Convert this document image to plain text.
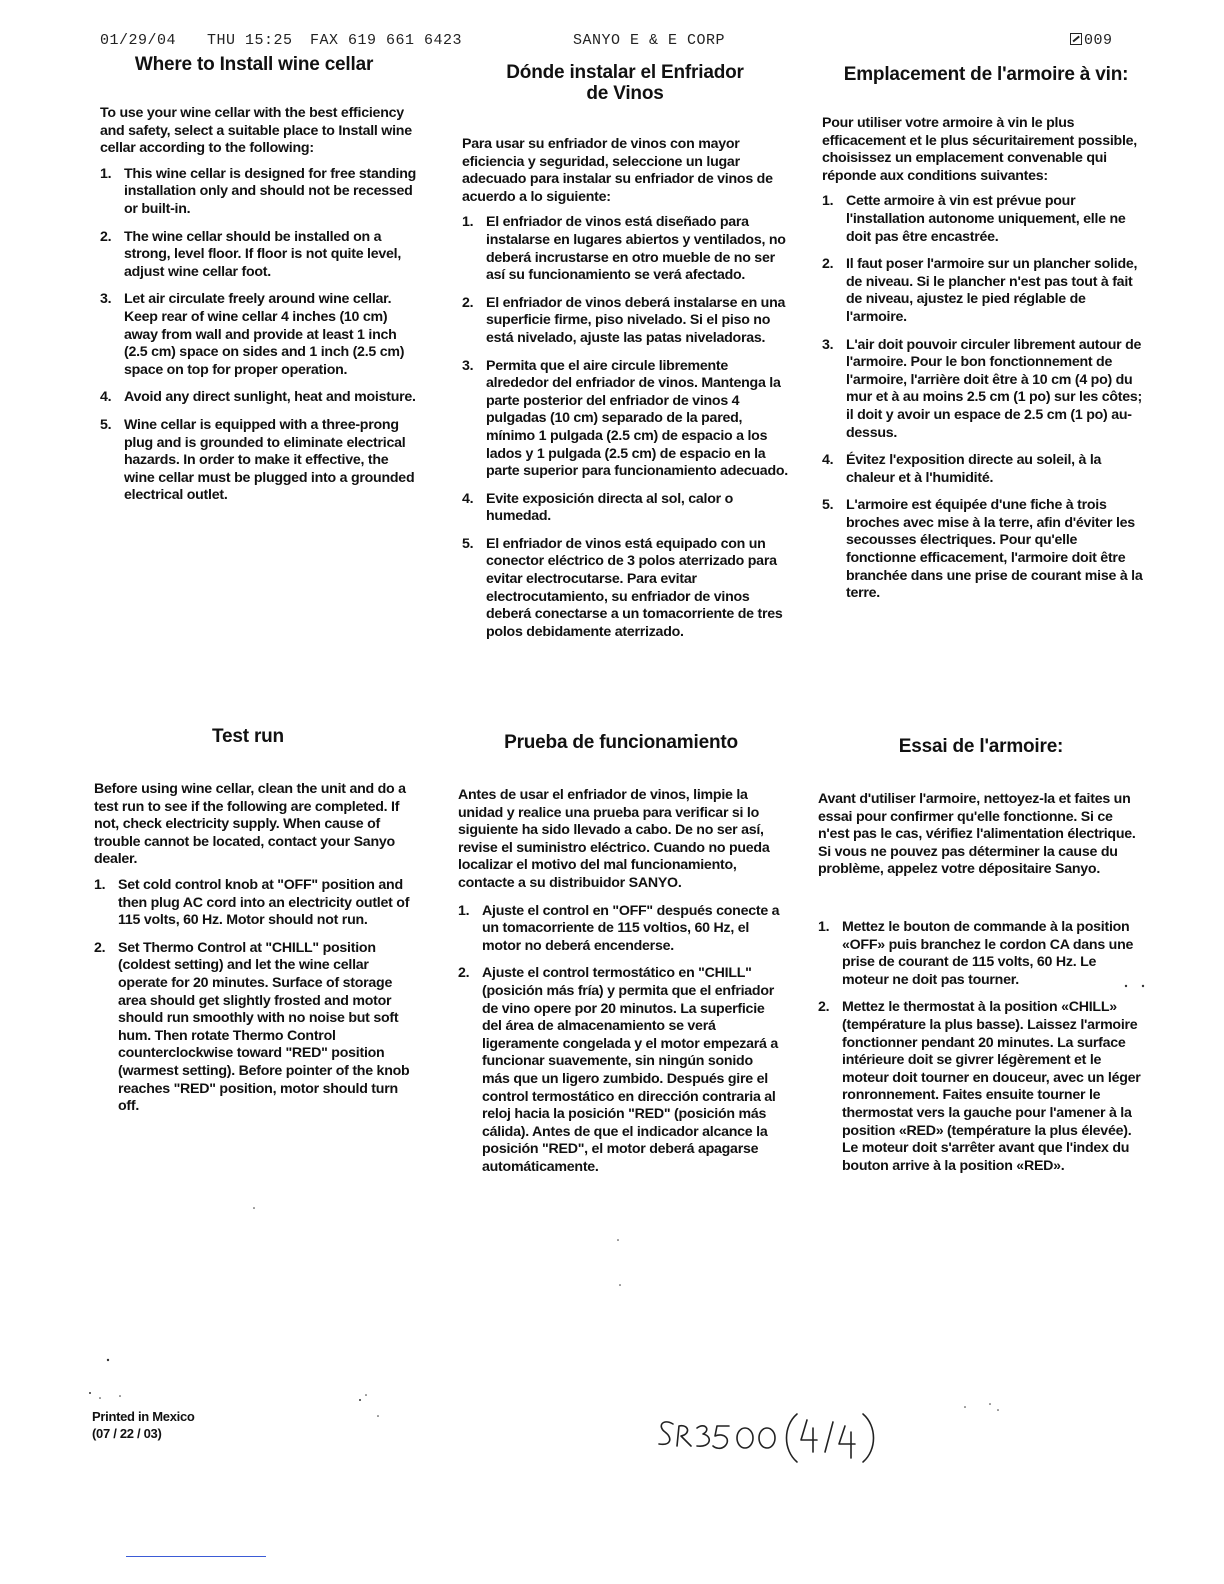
01/29/04 THU 15:25 FAX 619 661 6423	SANYO E & E CORP	009
Where to Install wine cellar

To use your wine cellar with the best efficiency and safety, select a suitable place to Install wine cellar according to the following:

1. This wine cellar is designed for free standing installation only and should not be recessed or built-in.
2. The wine cellar should be installed on a strong, level floor. If floor is not quite level, adjust wine cellar foot.
3. Let air circulate freely around wine cellar. Keep rear of wine cellar 4 inches (10 cm) away from wall and provide at least 1 inch (2.5 cm) space on sides and 1 inch (2.5 cm) space on top for proper operation.
4. Avoid any direct sunlight, heat and moisture.
5. Wine cellar is equipped with a three-prong plug and is grounded to eliminate electrical hazards. In order to make it effective, the wine cellar must be plugged into a grounded electrical outlet.
Dónde instalar el Enfriador de Vinos

Para usar su enfriador de vinos con mayor eficiencia y seguridad, seleccione un lugar adecuado para instalar su enfriador de vinos de acuerdo a lo siguiente:

1. El enfriador de vinos está diseñado para instalarse en lugares abiertos y ventilados, no deberá incrustarse en otro mueble de no ser así su funcionamiento se verá afectado.
2. El enfriador de vinos deberá instalarse en una superficie firme, piso nivelado. Si el piso no está nivelado, ajuste las patas niveladoras.
3. Permita que el aire circule libremente alrededor del enfriador de vinos. Mantenga la parte posterior del enfriador de vinos 4 pulgadas (10 cm) separado de la pared, mínimo 1 pulgada (2.5 cm) de espacio a los lados y 1 pulgada (2.5 cm) de espacio en la parte superior para funcionamiento adecuado.
4. Evite exposición directa al sol, calor o humedad.
5. El enfriador de vinos está equipado con un conector eléctrico de 3 polos aterrizado para evitar electrocutarse. Para evitar electrocutamiento, su enfriador de vinos deberá conectarse a un tomacorriente de tres polos debidamente aterrizado.
Emplacement de l'armoire à vin:

Pour utiliser votre armoire à vin le plus efficacement et le plus sécuritairement possible, choisissez un emplacement convenable qui réponde aux conditions suivantes:

1. Cette armoire à vin est prévue pour l'installation autonome uniquement, elle ne doit pas être encastrée.
2. Il faut poser l'armoire sur un plancher solide, de niveau. Si le plancher n'est pas tout à fait de niveau, ajustez le pied réglable de l'armoire.
3. L'air doit pouvoir circuler librement autour de l'armoire. Pour le bon fonctionnement de l'armoire, l'arrière doit être à 10 cm (4 po) du mur et à au moins 2.5 cm (1 po) sur les côtes; il doit y avoir un espace de 2.5 cm (1 po) au-dessus.
4. Évitez l'exposition directe au soleil, à la chaleur et à l'humidité.
5. L'armoire est équipée d'une fiche à trois broches avec mise à la terre, afin d'éviter les secousses électriques. Pour qu'elle fonctionne efficacement, l'armoire doit être branchée dans une prise de courant mise à la terre.
Test run

Before using wine cellar, clean the unit and do a test run to see if the following are completed. If not, check electricity supply. When cause of trouble cannot be located, contact your Sanyo dealer.

1. Set cold control knob at "OFF" position and then plug AC cord into an electricity outlet of 115 volts, 60 Hz. Motor should not run.
2. Set Thermo Control at "CHILL" position (coldest setting) and let the wine cellar operate for 20 minutes. Surface of storage area should get slightly frosted and motor should run smoothly with no noise but soft hum. Then rotate Thermo Control counterclockwise toward "RED" position (warmest setting). Before pointer of the knob reaches "RED" position, motor should turn off.
Prueba de funcionamiento

Antes de usar el enfriador de vinos, limpie la unidad y realice una prueba para verificar si lo siguiente ha sido llevado a cabo. De no ser así, revise el suministro eléctrico. Cuando no pueda localizar el motivo del mal funcionamiento, contacte a su distribuidor SANYO.

1. Ajuste el control en "OFF" después conecte a un tomacorriente de 115 voltios, 60 Hz, el motor no deberá encenderse.
2. Ajuste el control termostático en "CHILL" (posición más fría) y permita que el enfriador de vino opere por 20 minutos. La superficie del área de almacenamiento se verá ligeramente congelada y el motor empezará a funcionar suavemente, sin ningún sonido más que un ligero zumbido. Después gire el control termostático en dirección contraria al reloj hacia la posición "RED" (posición más cálida). Antes de que el indicador alcance la posición "RED", el motor deberá apagarse automáticamente.
Essai de l'armoire:

Avant d'utiliser l'armoire, nettoyez-la et faites un essai pour confirmer qu'elle fonctionne. Si ce n'est pas le cas, vérifiez l'alimentation électrique. Si vous ne pouvez pas déterminer la cause du problème, appelez votre dépositaire Sanyo.

1. Mettez le bouton de commande à la position «OFF» puis branchez le cordon CA dans une prise de courant de 115 volts, 60 Hz. Le moteur ne doit pas tourner.
2. Mettez le thermostat à la position «CHILL» (température la plus basse). Laissez l'armoire fonctionner pendant 20 minutes. La surface intérieure doit se givrer légèrement et le moteur doit tourner en douceur, avec un léger ronronnement. Faites ensuite tourner le thermostat vers la gauche pour l'amener à la position «RED» (température la plus élevée). Le moteur doit s'arrêter avant que l'index du bouton arrive à la position «RED».
Printed in Mexico
(07 / 22 / 03)
